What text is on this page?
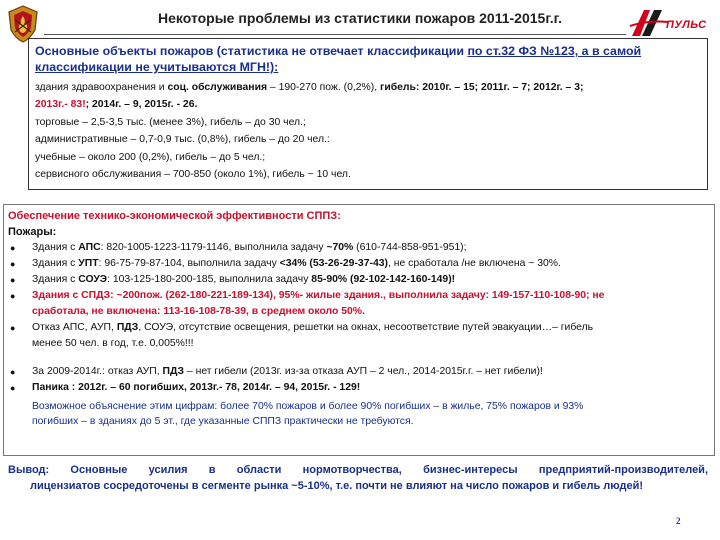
Некоторые проблемы из статистики пожаров 2011-2015г.г.	ПУЛЬС
Основные объекты пожаров (статистика не отвечает классификации по ст.32 ФЗ №123, а в самой классификации не учитываются МГН!):
здания здравоохранения и соц. обслуживания – 190-270 пож. (0,2%), гибель: 2010г. – 15; 2011г. – 7; 2012г. – 3;
2013г.- 83!; 2014г. – 9, 2015г. - 26.
торговые – 2,5-3,5 тыс. (менее 3%), гибель – до 30 чел.;
административные – 0,7-0,9 тыс. (0,8%), гибель – до 20 чел.:
учебные – около 200 (0,2%), гибель – до 5 чел.;
сервисного обслуживания – 700-850 (около 1%), гибель ~ 10 чел.
Обеспечение технико-экономической эффективности СППЗ:
Пожары:
● Здания с АПС: 820-1005-1223-1179-1146, выполнила задачу ~70% (610-744-858-951-951);
● Здания с УПТ: 96-75-79-87-104, выполнила задачу <34% (53-26-29-37-43), не сработала /не включена ~ 30%.
● Здания с СОУЭ: 103-125-180-200-185, выполнила задачу 85-90% (92-102-142-160-149)!
● Здания с СПДЗ: ~200пож. (262-180-221-189-134), 95%- жилые здания., выполнила задачу: 149-157-110-108-90; не
сработала, не включена: 113-16-108-78-39, в среднем около 50%.
● Отказ АПС, АУП, ПДЗ, СОУЭ, отсутствие освещения, решетки на окнах, несоответствие путей эвакуации…– гибель
менее 50 чел. в год, т.е. 0,005%!!!
● За 2009-2014г.: отказ АУП, ПДЗ – нет гибели (2013г. из-за отказа АУП – 2 чел., 2014-2015г.г. – нет гибели)!
● Паника : 2012г. – 60 погибших, 2013г.- 78, 2014г. – 94, 2015г. - 129!
Возможное объяснение этим цифрам: более 70% пожаров и более 90% погибших – в жилье, 75% пожаров и 93%
погибших – в зданиях до 5 эт., где указанные СППЗ практически не требуются.
Вывод: Основные усилия в области нормотворчества, бизнес-интересы предприятий-производителей,
лицензиатов сосредоточены в сегменте рынка ~5-10%, т.е. почти не влияют на число пожаров и гибель людей!
2
